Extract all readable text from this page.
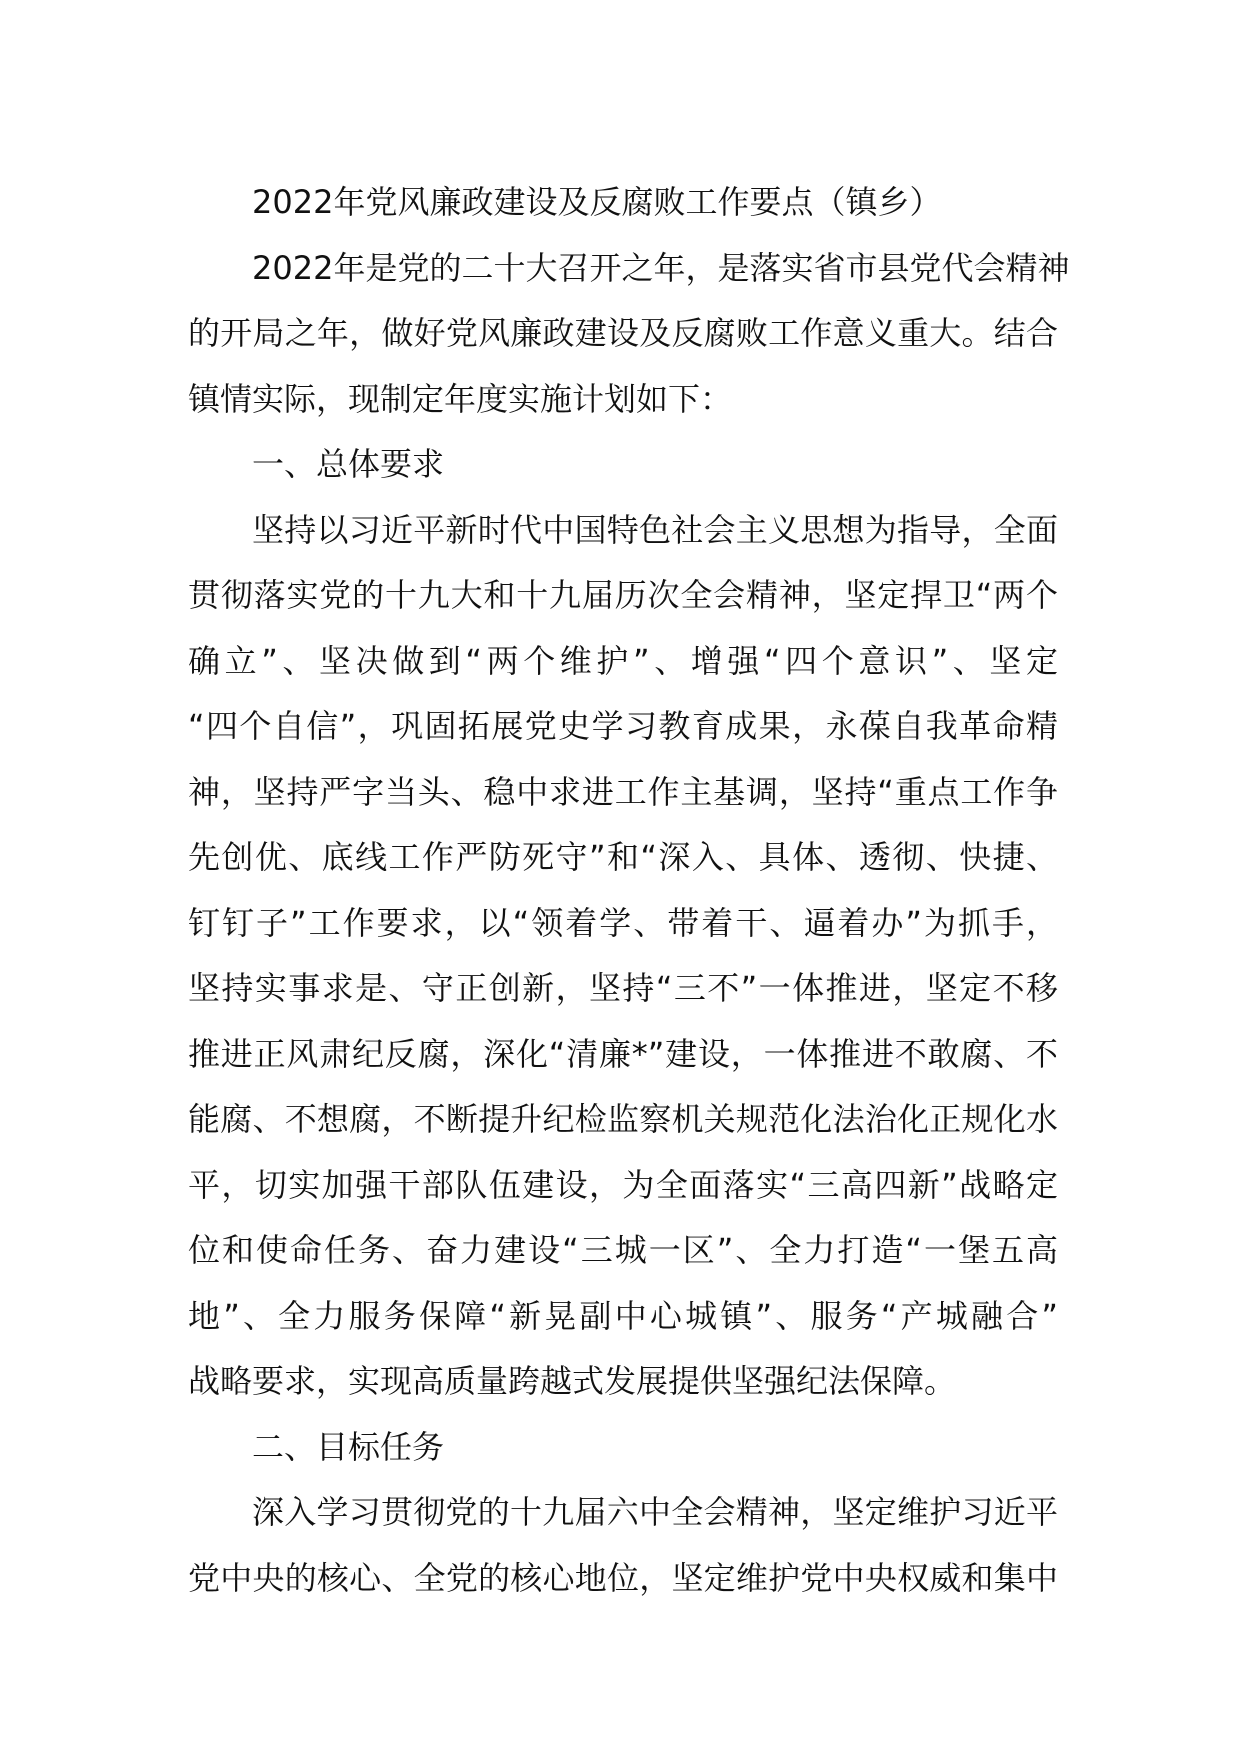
2022年党风廉政建设及反腐败工作要点（镇乡）
2022年是党的二十大召开之年，是落实省市县党代会精神
的开局之年，做好党风廉政建设及反腐败工作意义重大。结合
镇情实际，现制定年度实施计划如下：
一、总体要求
坚持以习近平新时代中国特色社会主义思想为指导，全面
贯彻落实党的十九大和十九届历次全会精神，坚定捍卫“两个
确立”、坚决做到“两个维护”、增强“四个意识”、坚定
“四个自信”，巩固拓展党史学习教育成果，永葆自我革命精
神，坚持严字当头、稳中求进工作主基调，坚持“重点工作争
先创优、底线工作严防死守”和“深入、具体、透彻、快捷、
钉钉子”工作要求，以“领着学、带着干、逼着办”为抓手，
坚持实事求是、守正创新，坚持“三不”一体推进，坚定不移
推进正风肃纪反腐，深化“清廉*”建设，一体推进不敢腐、不
能腐、不想腐，不断提升纪检监察机关规范化法治化正规化水
平，切实加强干部队伍建设，为全面落实“三高四新”战略定
位和使命任务、奋力建设“三城一区”、全力打造“一堡五高
地”、全力服务保障“新晃副中心城镇”、服务“产城融合”
战略要求，实现高质量跨越式发展提供坚强纪法保障。
二、目标任务
深入学习贯彻党的十九届六中全会精神，坚定维护习近平
党中央的核心、全党的核心地位，坚定维护党中央权威和集中
